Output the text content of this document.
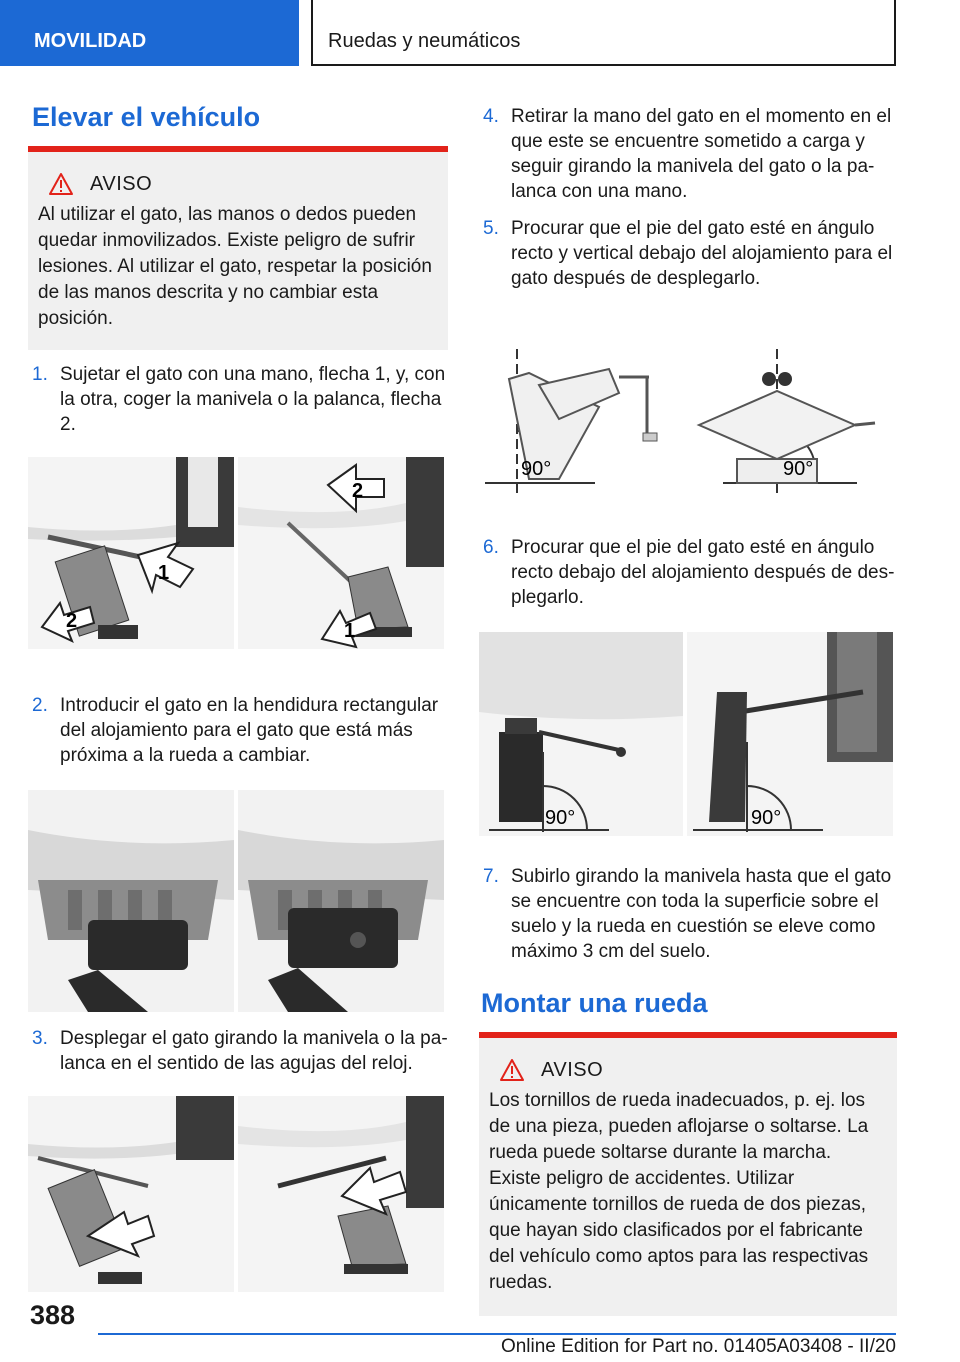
MOVILIDAD	Ruedas y neumáticos
Elevar el vehículo
AVISO
Al utilizar el gato, las manos o dedos pueden quedar inmovilizados. Existe peligro de sufrir lesiones. Al utilizar el gato, respetar la posición de las manos descrita y no cambiar esta posición.
1. Sujetar el gato con una mano, flecha 1, y, con la otra, coger la manivela o la palanca, flecha 2.
1
2
2
1
2. Introducir el gato en la hendidura rectangular del alojamiento para el gato que está más próxima a la rueda a cambiar.
3. Desplegar el gato girando la manivela o la palanca en el sentido de las agujas del reloj.
4. Retirar la mano del gato en el momento en el que este se encuentre sometido a carga y seguir girando la manivela del gato o la palanca con una mano.
5. Procurar que el pie del gato esté en ángulo recto y vertical debajo del alojamiento para el gato después de desplegarlo.
90°	90°
6. Procurar que el pie del gato esté en ángulo recto debajo del alojamiento después de desplegarlo.
90°	90°
7. Subirlo girando la manivela hasta que el gato se encuentre con toda la superficie sobre el suelo y la rueda en cuestión se eleve como máximo 3 cm del suelo.
Montar una rueda
AVISO
Los tornillos de rueda inadecuados, p. ej. los de una pieza, pueden aflojarse o soltarse. La rueda puede soltarse durante la marcha. Existe peligro de accidentes. Utilizar únicamente tornillos de rueda de dos piezas, que hayan sido clasificados por el fabricante del vehículo como aptos para las respectivas ruedas.
388
Online Edition for Part no. 01405A03408 - II/20
